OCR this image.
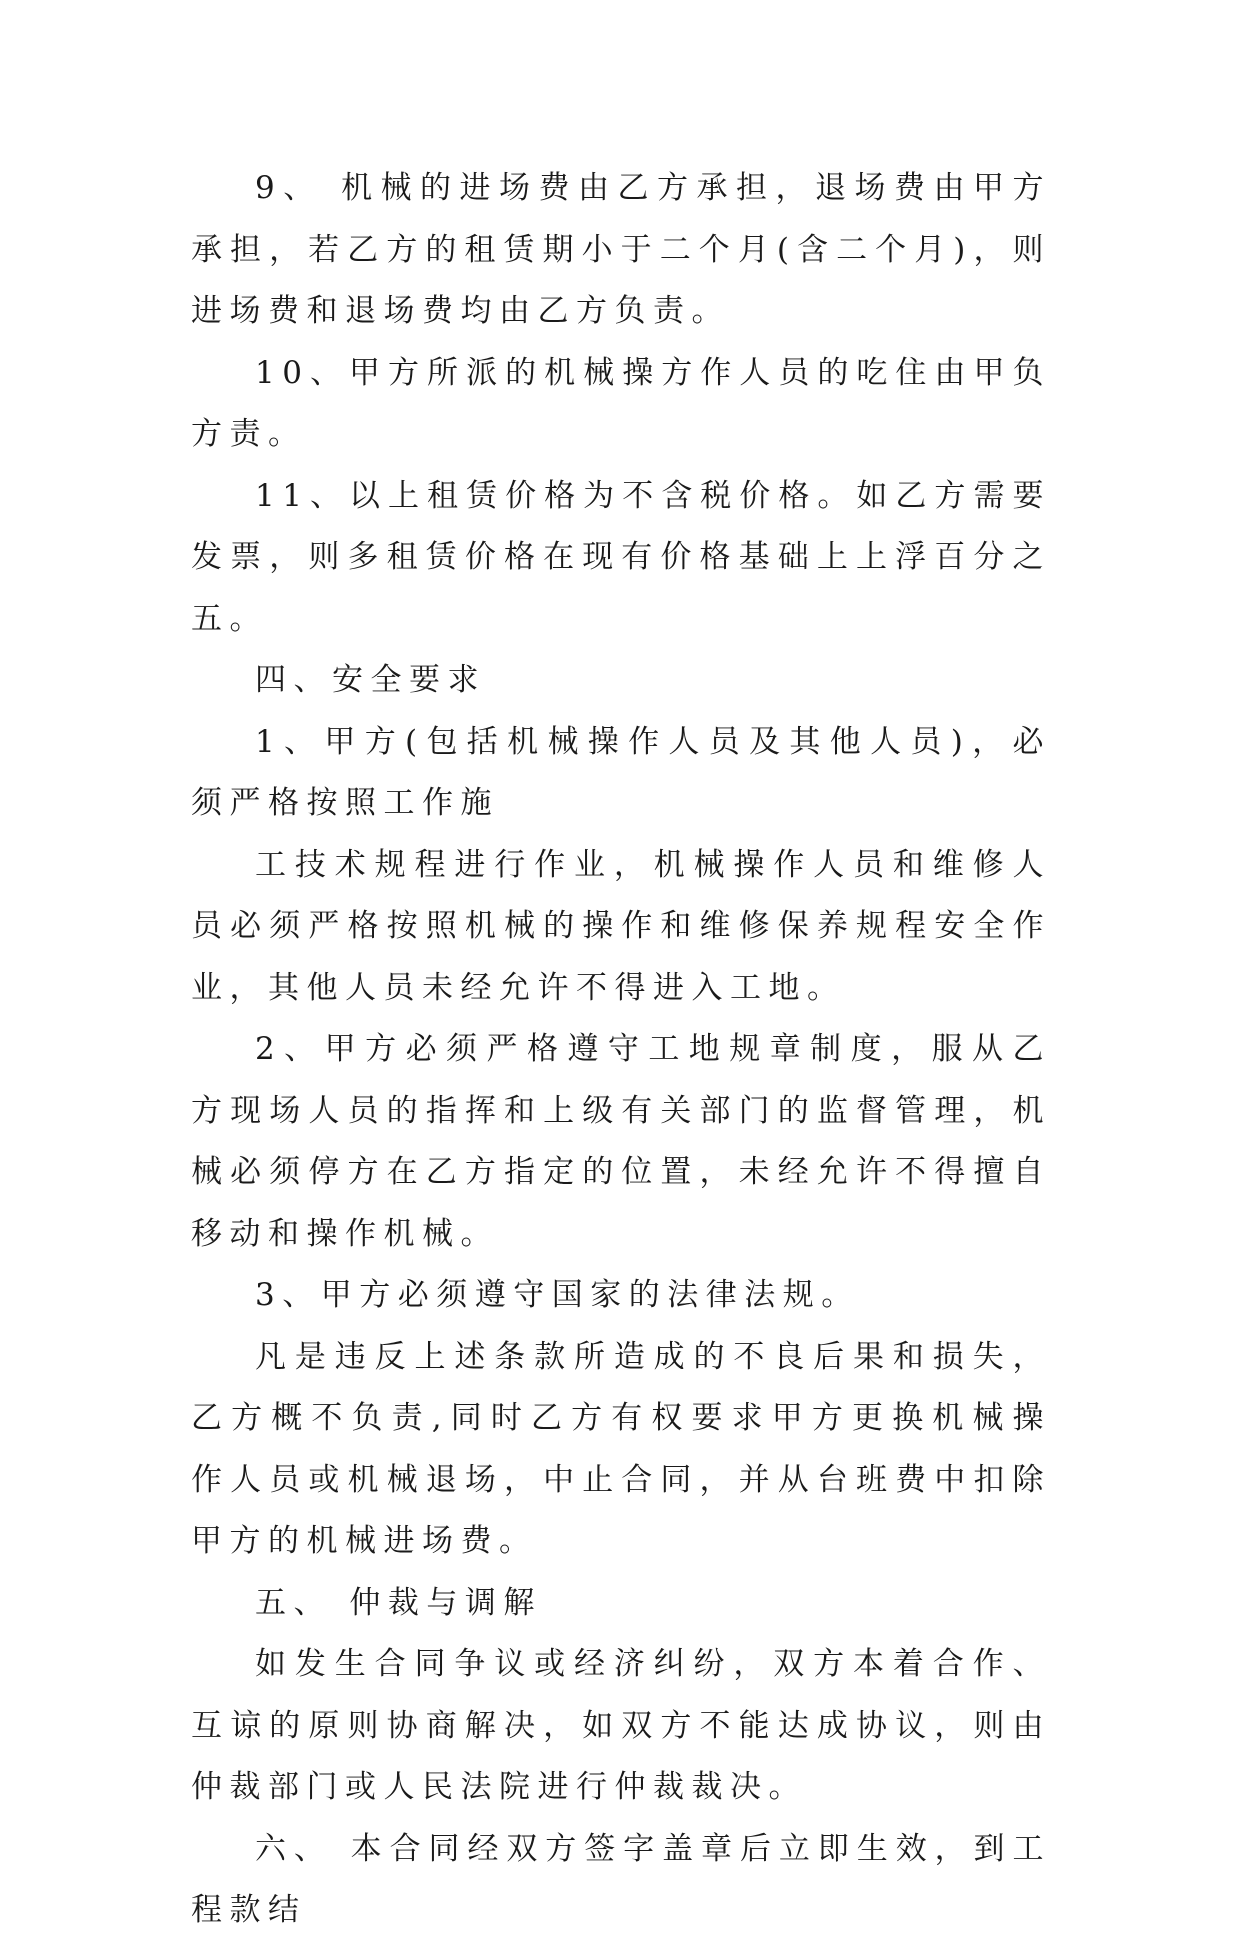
9、 机械的进场费由乙方承担，退场费由甲方承担，若乙方的租赁期小于二个月(含二个月)，则进场费和退场费均由乙方负责。

10、甲方所派的机械操方作人员的吃住由甲负方责。

11、以上租赁价格为不含税价格。如乙方需要发票，则多租赁价格在现有价格基础上上浮百分之五。

四、安全要求

1、甲方(包括机械操作人员及其他人员)，必须严格按照工作施

工技术规程进行作业，机械操作人员和维修人员必须严格按照机械的操作和维修保养规程安全作业，其他人员未经允许不得进入工地。

2、甲方必须严格遵守工地规章制度，服从乙方现场人员的指挥和上级有关部门的监督管理，机械必须停方在乙方指定的位置，未经允许不得擅自移动和操作机械。

3、甲方必须遵守国家的法律法规。

凡是违反上述条款所造成的不良后果和损失，乙方概不负责,同时乙方有权要求甲方更换机械操作人员或机械退场，中止合同，并从台班费中扣除甲方的机械进场费。

五、 仲裁与调解

如发生合同争议或经济纠纷，双方本着合作、互谅的原则协商解决，如双方不能达成协议，则由仲裁部门或人民法院进行仲裁裁决。

六、 本合同经双方签字盖章后立即生效，到工程款结
